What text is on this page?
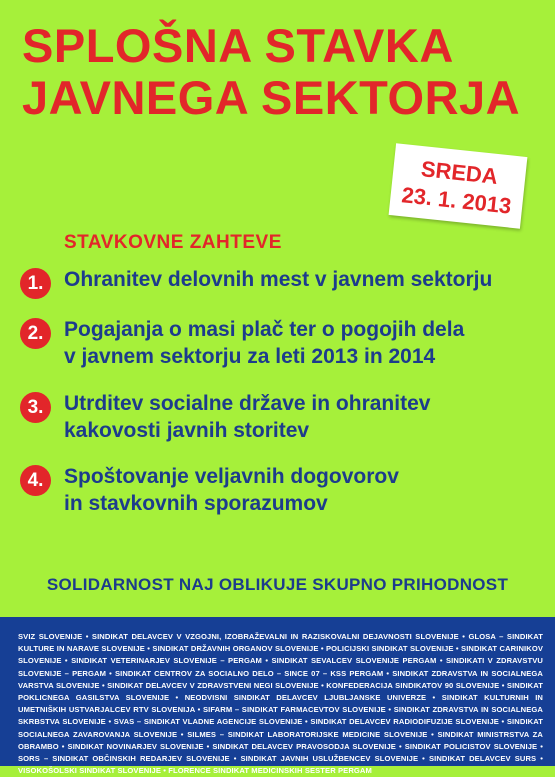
SPLOŠNA STAVKA
JAVNEGA SEKTORJA
SREDA
23. 1. 2013
STAVKOVNE ZAHTEVE
1. Ohranitev delovnih mest v javnem sektorju
2. Pogajanja o masi plač ter o pogojih dela
v javnem sektorju za leti 2013 in 2014
3. Utrditev socialne države in ohranitev
kakovosti javnih storitev
4. Spoštovanje veljavnih dogovorov
in stavkovnih sporazumov
SOLIDARNOST NAJ OBLIKUJE SKUPNO PRIHODNOST
SVIZ SLOVENIJE • SINDIKAT DELAVCEV V VZGOJNI, IZOBRAŽEVALNI IN RAZISKOVALNI DEJAVNOSTI SLOVENIJE • GLOSA – SINDIKAT KULTURE IN NARAVE SLOVENIJE • SINDIKAT DRŽAVNIH ORGANOV SLOVENIJE • POLICIJSKI SINDIKAT SLOVENIJE • SINDIKAT CARINIKOV SLOVENIJE • SINDIKAT VETERINARJEV SLOVENIJE – PERGAM • SINDIKAT SEVALCEV SLOVENIJE PERGAM • SINDIKATI V ZDRAVSTVU SLOVENIJE – PERGAM • SINDIKAT CENTROV ZA SOCIALNO DELO – SINCE 07 – KSS PERGAM • SINDIKAT ZDRAVSTVA IN SOCIALNEGA VARSTVA SLOVENIJE • SINDIKAT DELAVCEV V ZDRAVSTVENI NEGI SLOVENIJE • KONFEDERACIJA SINDIKATOV 90 SLOVENIJE • SINDIKAT POKLICNEGA GASILSTVA SLOVENIJE • NEODVISNI SINDIKAT DELAVCEV LJUBLJANSKE UNIVERZE • SINDIKAT KULTURNIH IN UMETNIŠKIH USTVARJALCEV RTV SLOVENIJA • SIFARM – SINDIKAT FARMACEVTOV SLOVENIJE • SINDIKAT ZDRAVSTVA IN SOCIALNEGA SKRBSTVA SLOVENIJE • SVAS – SINDIKAT VLADNE AGENCIJE SLOVENIJE • SINDIKAT DELAVCEV RADIODIFUZIJE SLOVENIJE • SINDIKAT SOCIALNEGA ZAVAROVANJA SLOVENIJE • SILMES – SINDIKAT LABORATORIJSKE MEDICINE SLOVENIJE • SINDIKAT MINISTRSTVA ZA OBRAMBO • SINDIKAT NOVINARJEV SLOVENIJE • SINDIKAT DELAVCEV PRAVOSODJA SLOVENIJE • SINDIKAT POLICISTOV SLOVENIJE • SORS – SINDIKAT OBČINSKIH REDARJEV SLOVENIJE • SINDIKAT JAVNIH USLUŽBENCEV SLOVENIJE • SINDIKAT DELAVCEV SURS • VISOKOŠOLSKI SINDIKAT SLOVENIJE • FLORENCE SINDIKAT MEDICINSKIH SESTER PERGAM
